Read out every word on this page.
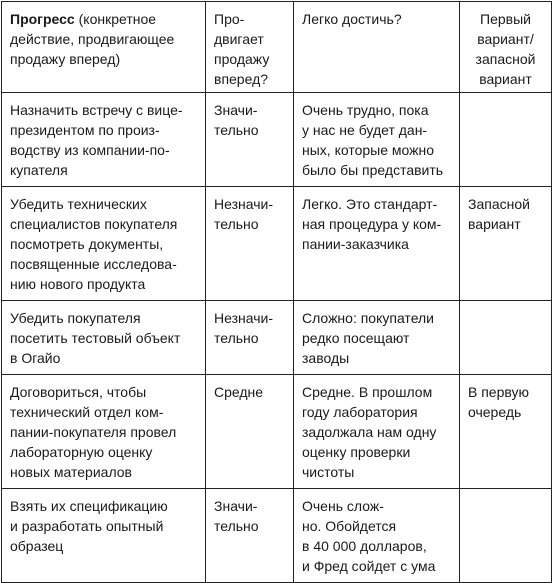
Прогресс (конкретное
действие, продвигающее
продажу вперед)	Про-
двигает
продажу
вперед?	Легко достичь?	Первый
вариант/
запасной
вариант

Назначить встречу с вице-
президентом по произ-
водству из компании-по-
купателя	Значи-
тельно	Очень трудно, пока
у нас не будет дан-
ных, которые можно
было бы представить	

Убедить технических
специалистов покупателя
посмотреть документы,
посвященные исследова-
нию нового продукта	Незначи-
тельно	Легко. Это стандарт-
ная процедура у ком-
пании-заказчика	Запасной
вариант

Убедить покупателя
посетить тестовый объект
в Огайо	Незначи-
тельно	Сложно: покупатели
редко посещают
заводы	

Договориться, чтобы
технический отдел ком-
пании-покупателя провел
лабораторную оценку
новых материалов	Средне	Средне. В прошлом
году лаборатория
задолжала нам одну
оценку проверки
чистоты	В первую
очередь

Взять их спецификацию
и разработать опытный
образец	Значи-
тельно	Очень слож-
но. Обойдется
в 40 000 долларов,
и Фред сойдет с ума	
